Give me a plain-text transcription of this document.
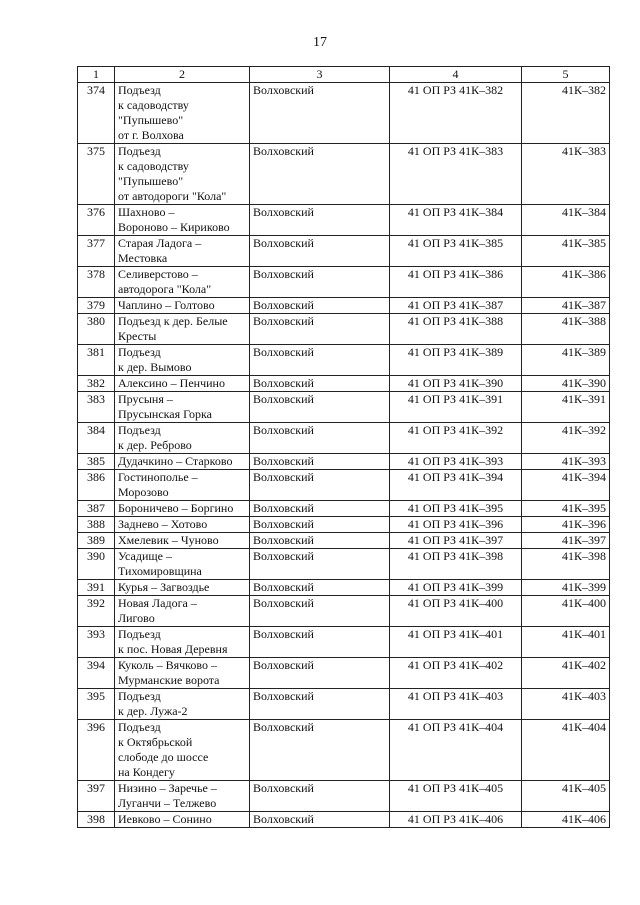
17
1	2	3	4	5
374	Подъезд
к садоводству
"Пупышево"
от г. Волхова	Волховский	41 ОП РЗ 41К–382	41К–382
375	Подъезд
к садоводству
"Пупышево"
от автодороги "Кола"	Волховский	41 ОП РЗ 41К–383	41К–383
376	Шахново –
Вороново – Кириково	Волховский	41 ОП РЗ 41К–384	41К–384
377	Старая Ладога –
Местовка	Волховский	41 ОП РЗ 41К–385	41К–385
378	Селиверстово –
автодорога "Кола"	Волховский	41 ОП РЗ 41К–386	41К–386
379	Чаплино – Голтово	Волховский	41 ОП РЗ 41К–387	41К–387
380	Подъезд к дер. Белые
Кресты	Волховский	41 ОП РЗ 41К–388	41К–388
381	Подъезд
к дер. Вымово	Волховский	41 ОП РЗ 41К–389	41К–389
382	Алексино – Пенчино	Волховский	41 ОП РЗ 41К–390	41К–390
383	Прусыня –
Прусынская Горка	Волховский	41 ОП РЗ 41К–391	41К–391
384	Подъезд
к дер. Реброво	Волховский	41 ОП РЗ 41К–392	41К–392
385	Дудачкино – Старково	Волховский	41 ОП РЗ 41К–393	41К–393
386	Гостинополье –
Морозово	Волховский	41 ОП РЗ 41К–394	41К–394
387	Бороничево – Боргино	Волховский	41 ОП РЗ 41К–395	41К–395
388	Заднево – Хотово	Волховский	41 ОП РЗ 41К–396	41К–396
389	Хмелевик – Чуново	Волховский	41 ОП РЗ 41К–397	41К–397
390	Усадище –
Тихомировщина	Волховский	41 ОП РЗ 41К–398	41К–398
391	Курья – Загвоздье	Волховский	41 ОП РЗ 41К–399	41К–399
392	Новая Ладога –
Лигово	Волховский	41 ОП РЗ 41К–400	41К–400
393	Подъезд
к пос. Новая Деревня	Волховский	41 ОП РЗ 41К–401	41К–401
394	Куколь – Вячково –
Мурманские ворота	Волховский	41 ОП РЗ 41К–402	41К–402
395	Подъезд
к дер. Лужа-2	Волховский	41 ОП РЗ 41К–403	41К–403
396	Подъезд
к Октябрьской
слободе до шоссе
на Кондегу	Волховский	41 ОП РЗ 41К–404	41К–404
397	Низино – Заречье –
Луганчи – Телжево	Волховский	41 ОП РЗ 41К–405	41К–405
398	Иевково – Сонино	Волховский	41 ОП РЗ 41К–406	41К–406
